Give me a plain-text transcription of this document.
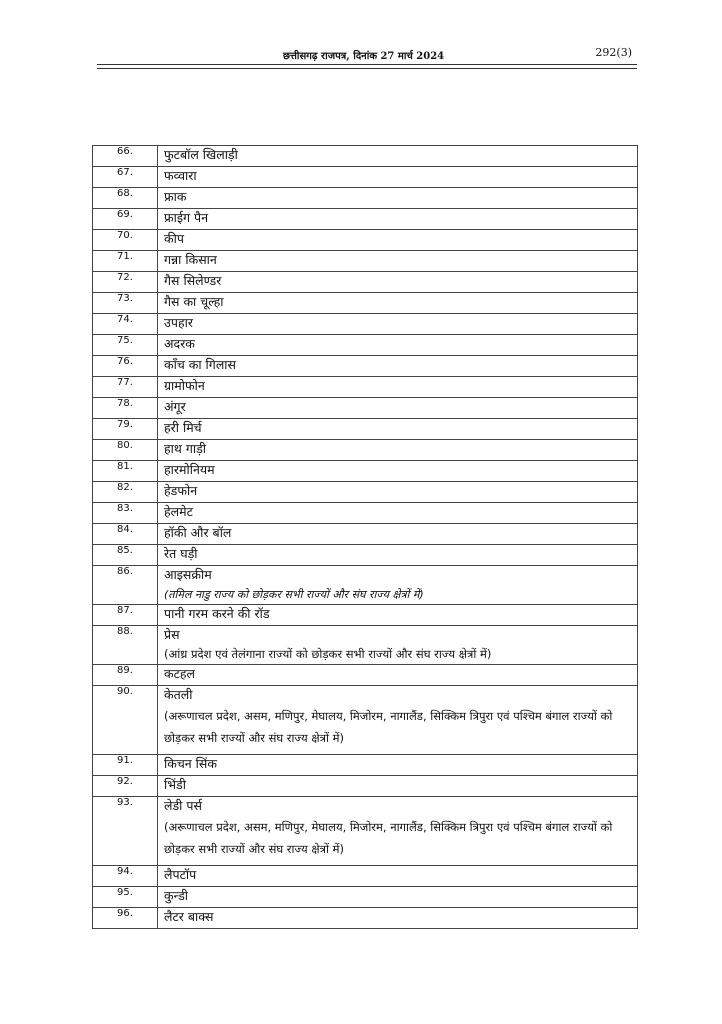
छत्तीसगढ़ राजपत्र, दिनांक 27 मार्च 2024	292(3)
66.	फुटबॉल खिलाड़ी
67.	फव्वारा
68.	फ्राक
69.	फ्राईग पैन
70.	कीप
71.	गन्ना किसान
72.	गैस सिलेण्डर
73.	गैस का चूल्हा
74.	उपहार
75.	अदरक
76.	काँच का गिलास
77.	ग्रामोफोन
78.	अंगूर
79.	हरी मिर्च
80.	हाथ गाड़ी
81.	हारमोनियम
82.	हेडफोन
83.	हेलमेट
84.	हॉकी और बॉल
85.	रेत घड़ी
86.	आइसक्रीम
(तमिल नाडु राज्य को छोड़कर सभी राज्यों और संघ राज्य क्षेत्रों में)

87.	पानी गरम करने की रॉड
88.	प्रेस
(आंध्र प्रदेश एवं तेलंगाना राज्यों को छोड़कर सभी राज्यों और संघ राज्य क्षेत्रों में)

89.	कटहल
90.	केतली
(अरूणाचल प्रदेश, असम, मणिपुर, मेघालय, मिजोरम, नागालैंड, सिक्किम त्रिपुरा एवं पश्चिम बंगाल राज्यों को छोड़कर सभी राज्यों और संघ राज्य क्षेत्रों में)

91.	किचन सिंक
92.	भिंडी
93.	लेडी पर्स
(अरूणाचल प्रदेश, असम, मणिपुर, मेघालय, मिजोरम, नागालैंड, सिक्किम त्रिपुरा एवं पश्चिम बंगाल राज्यों को छोड़कर सभी राज्यों और संघ राज्य क्षेत्रों में)

94.	लैपटॉप
95.	कुन्डी
96.	लैटर बाक्स
